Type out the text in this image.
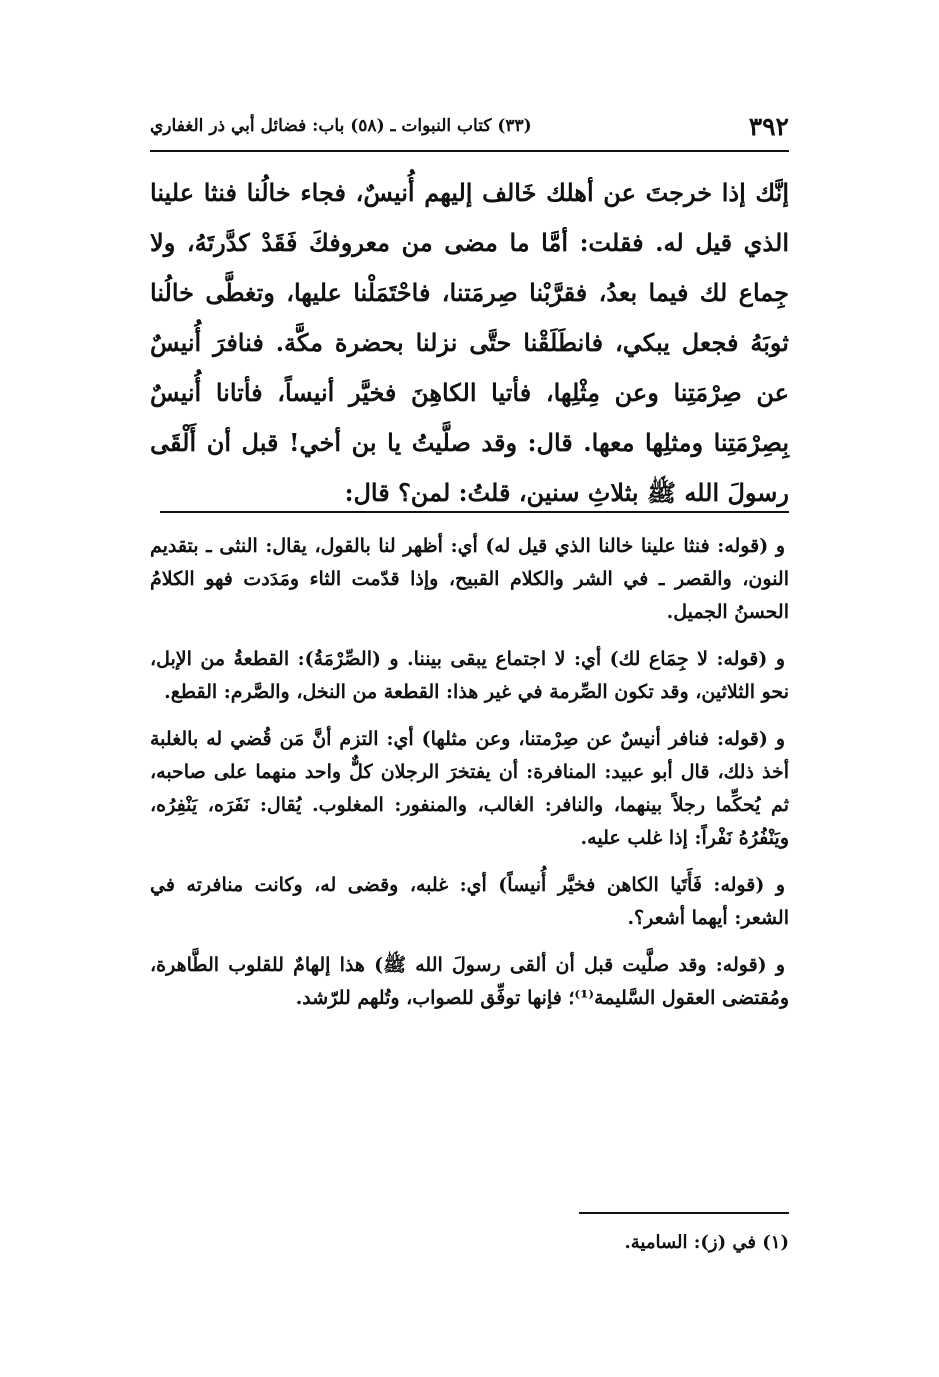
٣٩٢
(٣٣) كتاب النبوات ـ (٥٨) باب: فضائل أبي ذر الغفاري
إنَّك إذا خرجتَ عن أهلك خَالف إليهم أُنيسٌ، فجاء خالُنا فنثا علينا الذي قيل له. فقلت: أمَّا ما مضى من معروفكَ فَقَدْ كدَّرتَهُ، ولا جِماع لك فيما بعدُ، فقرَّبْنا صِرمَتنا، فاحْتَمَلْنا عليها، وتغطَّى خالُنا ثوبَهُ فجعل يبكي، فانطَلَقْنا حتَّى نزلنا بحضرة مكَّة. فنافرَ أُنيسٌ عن صِرْمَتِنا وعن مِثْلِها، فأتيا الكاهِنَ فخيَّر أنيساً، فأتانا أُنيسٌ بِصِرْمَتِنا ومثلِها معها. قال: وقد صلَّيتُ يا بن أخي! قبل أن أَلْقَى رسولَ الله ﷺ بثلاثِ سنين، قلتُ: لمن؟ قال:

و (قوله: فنثا علينا خالنا الذي قيل له) أي: أظهر لنا بالقول، يقال: النثى ـ بتقديم النون، والقصر ـ في الشر والكلام القبيح، وإذا قدّمت الثاء ومَدَدت فهو الكلامُ الحسنُ الجميل.

و (قوله: لا جِمَاع لك) أي: لا اجتماع يبقى بيننا. و (الصِّرْمَةُ): القطعةُ من الإبل، نحو الثلاثين، وقد تكون الصِّرمة في غير هذا: القطعة من النخل، والصَّرم: القطع.

و (قوله: فنافر أنيسٌ عن صِرْمتنا، وعن مثلها) أي: التزم أنَّ مَن قُضي له بالغلبة أخذ ذلك، قال أبو عبيد: المنافرة: أن يفتخرَ الرجلان كلٌّ واحد منهما على صاحبه، ثم يُحكِّما رجلاً بينهما، والنافر: الغالب، والمنفور: المغلوب. يُقال: نَفَرَه، يَنْفِرُه، ويَنْفُرُهُ نَفْراً: إذا غلب عليه.

و (قوله: فَأَتَيا الكاهن فخيَّر أُنيساً) أي: غلبه، وقضى له، وكانت منافرته في الشعر: أيهما أشعر؟.

و (قوله: وقد صلَّيت قبل أن ألقى رسولَ الله ﷺ) هذا إلهامٌ للقلوب الطَّاهرة، ومُقتضى العقول السَّليمة⁽¹⁾؛ فإنها توفِّق للصواب، وتُلهم للرّشد.

(١) في (ز): السامية.
